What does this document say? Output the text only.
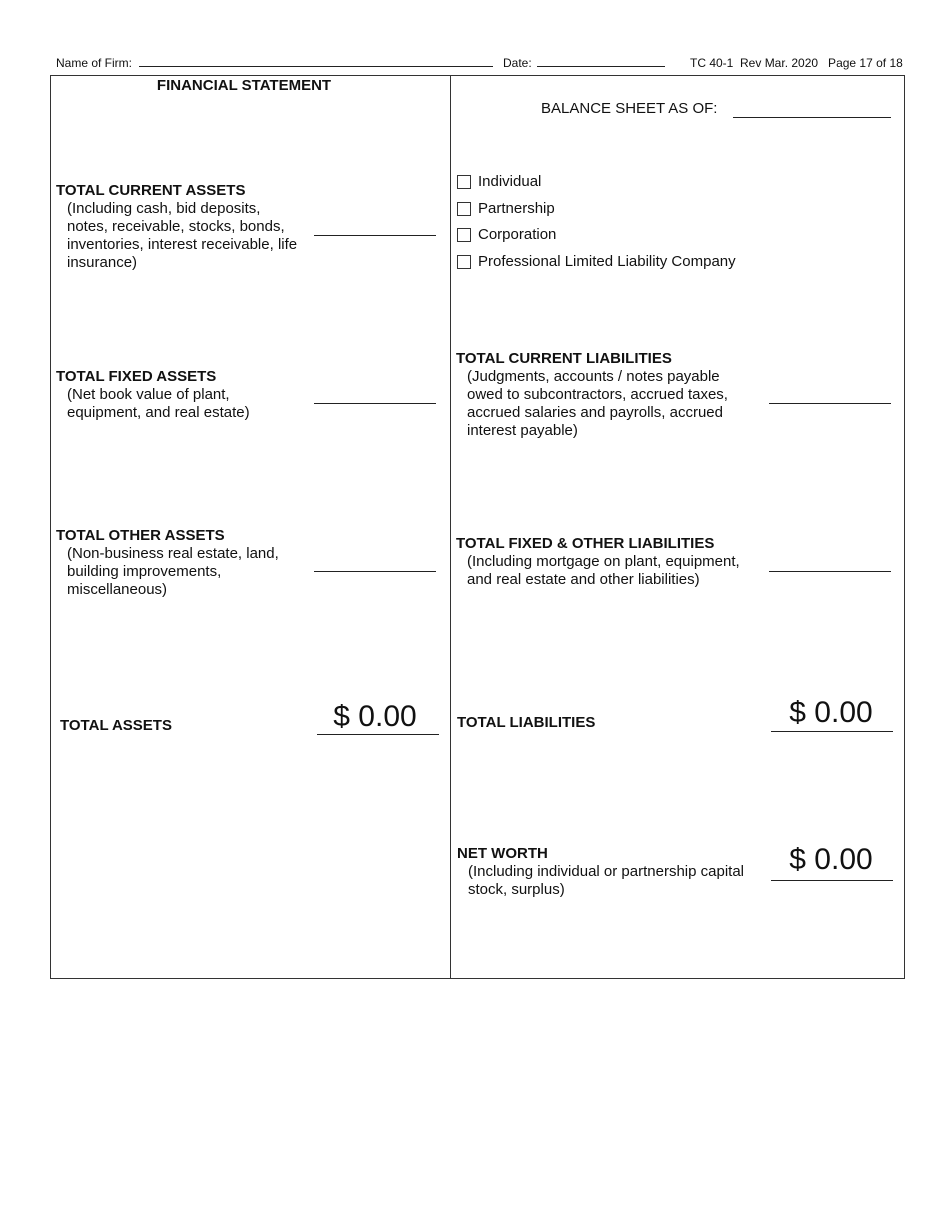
Name of Firm:	Date:	TC 40-1  Rev Mar. 2020   Page 17 of 18
FINANCIAL STATEMENT
TOTAL CURRENT ASSETS
(Including cash, bid deposits,
notes, receivable, stocks, bonds,
inventories, interest receivable, life
insurance)
TOTAL FIXED ASSETS
(Net book value of plant,
equipment, and real estate)
TOTAL OTHER ASSETS
(Non-business real estate, land,
building improvements,
miscellaneous)
TOTAL ASSETS	$ 0.00
BALANCE SHEET AS OF:
Individual
Partnership
Corporation
Professional Limited Liability Company
TOTAL CURRENT LIABILITIES
(Judgments, accounts / notes payable
owed to subcontractors, accrued taxes,
accrued salaries and payrolls, accrued
interest payable)
TOTAL FIXED & OTHER LIABILITIES
(Including mortgage on plant, equipment,
and real estate and other liabilities)
TOTAL LIABILITIES	$ 0.00
NET WORTH
(Including individual or partnership capital
stock, surplus)
$ 0.00
